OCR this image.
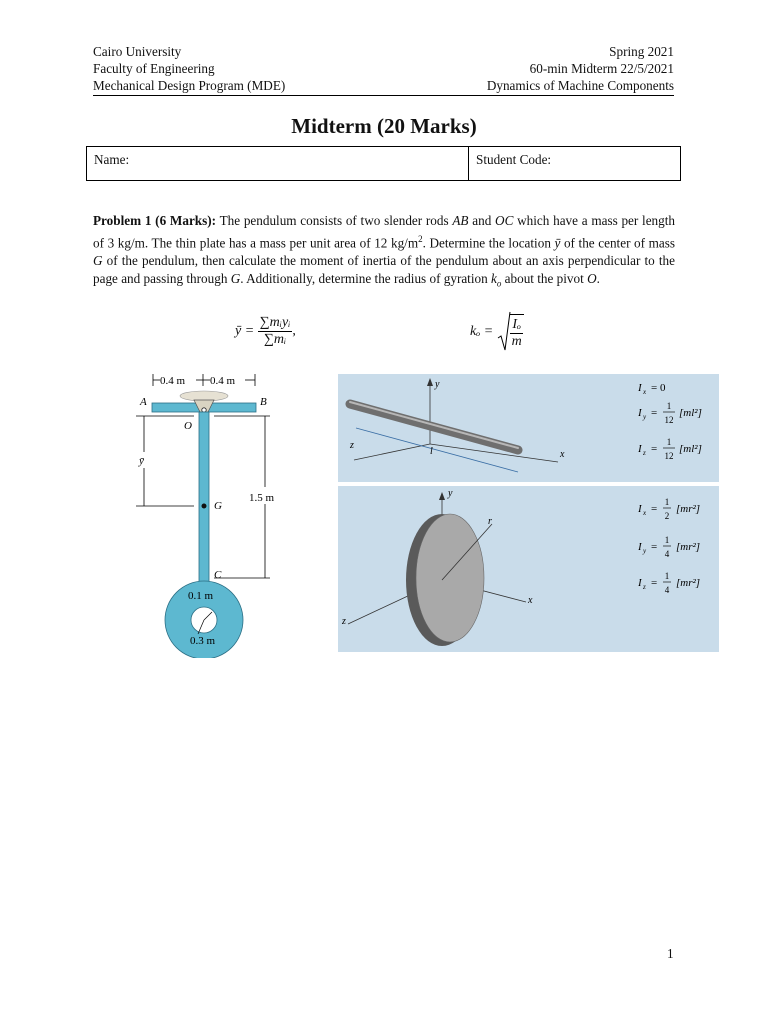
Cairo University	Spring 2021
Faculty of Engineering	60-min Midterm 22/5/2021
Mechanical Design Program (MDE)	Dynamics of Machine Components
Midterm (20 Marks)
Name:	Student Code:
Problem 1 (6 Marks): The pendulum consists of two slender rods AB and OC which have a mass per length of 3 kg/m. The thin plate has a mass per unit area of 12 $kg/m^2$. Determine the location ȳ of the center of mass G of the pendulum, then calculate the moment of inertia of the pendulum about an axis perpendicular to the page and passing through G. Additionally, determine the radius of gyration $k_o$ about the pivot O.
ȳ = $\frac{\text{∑mᵢyᵢ}}{\text{∑mᵢ}}$ ,	$k_o = \frac{\text{Iₒ}}{m}$
0.4 m 0.4 m
A	B
O
ȳ
G
1.5 m
C
0.1 m
0.3 m
y
x
z
l
I x = 0
I y =
1
12
[ml²]
I z =
1
12
[ml²]
y
x
z
r
I x =
1
2
[mr²]
I y =
1
4
[mr²]
I z =
1
4
[mr²]
1
